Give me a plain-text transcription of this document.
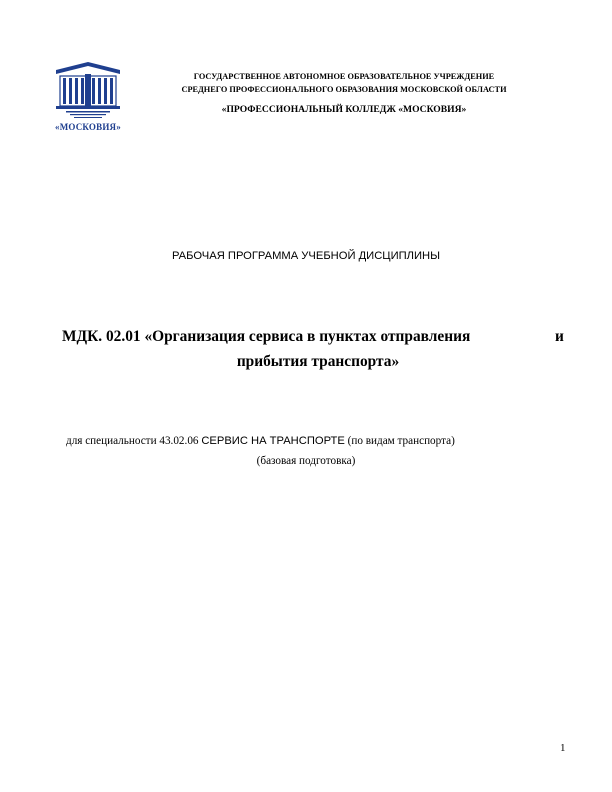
«МОСКОВИЯ»
ГОСУДАРСТВЕННОЕ АВТОНОМНОЕ ОБРАЗОВАТЕЛЬНОЕ УЧРЕЖДЕНИЕ
СРЕДНЕГО ПРОФЕССИОНАЛЬНОГО ОБРАЗОВАНИЯ МОСКОВСКОЙ ОБЛАСТИ
«ПРОФЕССИОНАЛЬНЫЙ КОЛЛЕДЖ «МОСКОВИЯ»
РАБОЧАЯ ПРОГРАММА УЧЕБНОЙ ДИСЦИПЛИНЫ
МДК. 02.01 «Организация сервиса в пунктах отправления	и
прибытия транспорта»
для специальности 43.02.06 СЕРВИС НА ТРАНСПОРТЕ (по видам транспорта)
(базовая подготовка)
1
